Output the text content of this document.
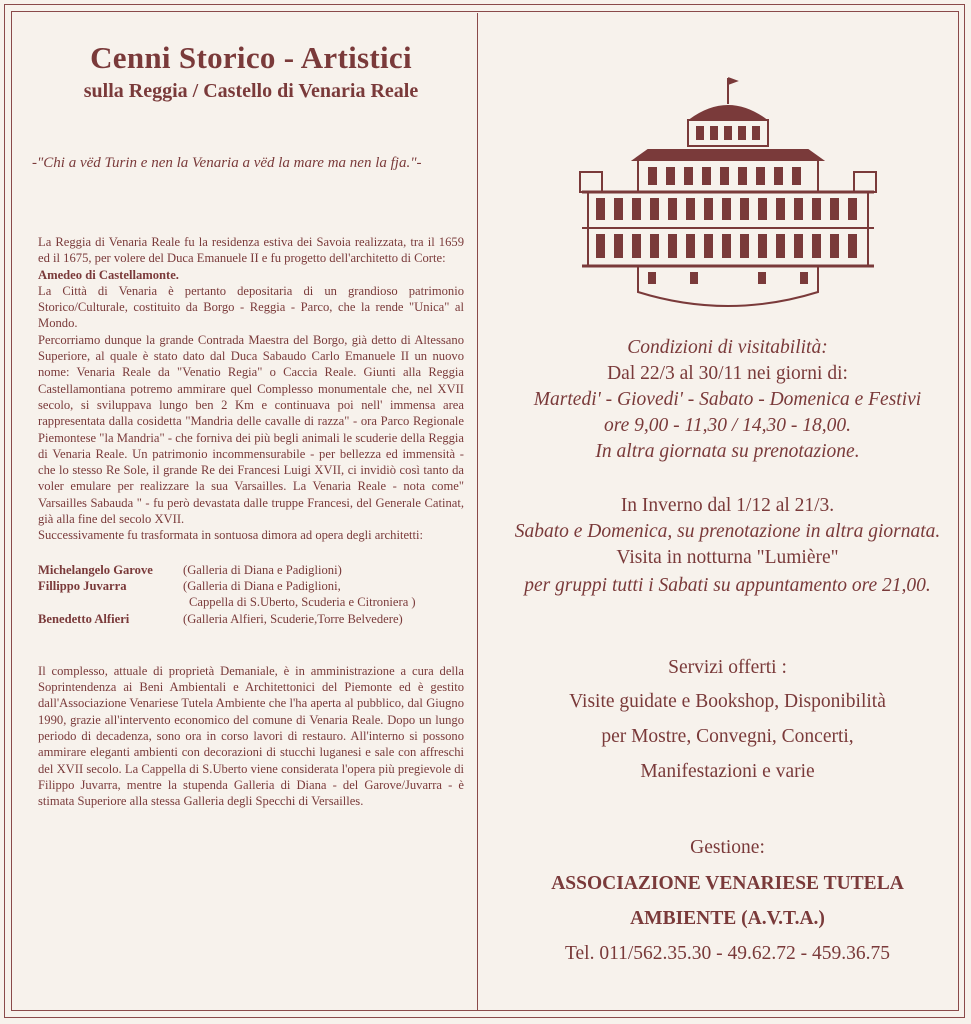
Cenni Storico - Artistici
sulla Reggia / Castello di Venaria Reale
-"Chi a vëd Turin e nen la Venaria a vëd la mare ma nen la fja."-

La Reggia di Venaria Reale fu la residenza estiva dei Savoia realizzata, tra il 1659 ed il 1675, per volere del Duca Emanuele II e fu progetto dell'architetto di Corte:

Amedeo di Castellamonte.

La Città di Venaria è pertanto depositaria di un grandioso patrimonio Storico/Culturale, costituito da Borgo - Reggia - Parco, che la rende "Unica" al Mondo.

Percorriamo dunque la grande Contrada Maestra del Borgo, già detto di Altessano Superiore, al quale è stato dato dal Duca Sabaudo Carlo Emanuele II un nuovo nome: Venaria Reale da "Venatio Regia" o Caccia Reale. Giunti alla Reggia Castellamontiana potremo ammirare quel Complesso monumentale che, nel XVII secolo, si sviluppava lungo ben 2 Km e continuava poi nell' immensa area rappresentata dalla cosidetta "Mandria delle cavalle di razza" - ora Parco Regionale Piemontese "la Mandria" - che forniva dei più begli animali le scuderie della Reggia di Venaria Reale. Un patrimonio incommensurabile - per bellezza ed immensità - che lo stesso Re Sole, il grande Re dei Francesi Luigi XVII, ci invidiò così tanto da voler emulare per realizzare la sua Varsailles. La Venaria Reale - nota come" Varsailles Sabauda " - fu però devastata dalle truppe Francesi, del Generale Catinat, già alla fine del secolo XVII.

Successivamente fu trasformata in sontuosa dimora ad opera degli architetti:

Michelangelo Garove	(Galleria di Diana e Padiglioni)
Fillippo Juvarra	(Galleria di Diana e Padiglioni,
Cappella di S.Uberto, Scuderia e Citroniera )
Benedetto Alfieri	(Galleria Alfieri, Scuderie,Torre Belvedere)
Il complesso, attuale di proprietà Demaniale, è in amministrazione a cura della Soprintendenza ai Beni Ambientali e Architettonici del Piemonte ed è gestito dall'Associazione Venariese Tutela Ambiente che l'ha aperta al pubblico, dal Giugno 1990, grazie all'intervento economico del comune di Venaria Reale. Dopo un lungo periodo di decadenza, sono ora in corso lavori di restauro. All'interno si possono ammirare eleganti ambienti con decorazioni di stucchi luganesi e sale con affreschi del XVII secolo. La Cappella di S.Uberto viene considerata l'opera più pregievole di Filippo Juvarra, mentre la stupenda Galleria di Diana - del Garove/Juvarra - è stimata Superiore alla stessa Galleria degli Specchi di Versailles.
Condizioni di visitabilità:
Dal 22/3 al 30/11 nei giorni di:
Martedi' - Giovedi' - Sabato - Domenica e Festivi
ore 9,00 - 11,30 / 14,30 - 18,00.
In altra giornata su prenotazione.
In Inverno dal 1/12 al 21/3.
Sabato e Domenica, su prenotazione in altra giornata.
Visita in notturna "Lumière"
per gruppi tutti i Sabati su appuntamento ore 21,00.
Servizi offerti :
Visite guidate e Bookshop, Disponibilità
per Mostre, Convegni, Concerti,
Manifestazioni e varie
Gestione:
ASSOCIAZIONE VENARIESE TUTELA
AMBIENTE (A.V.T.A.)
Tel. 011/562.35.30 - 49.62.72 - 459.36.75
